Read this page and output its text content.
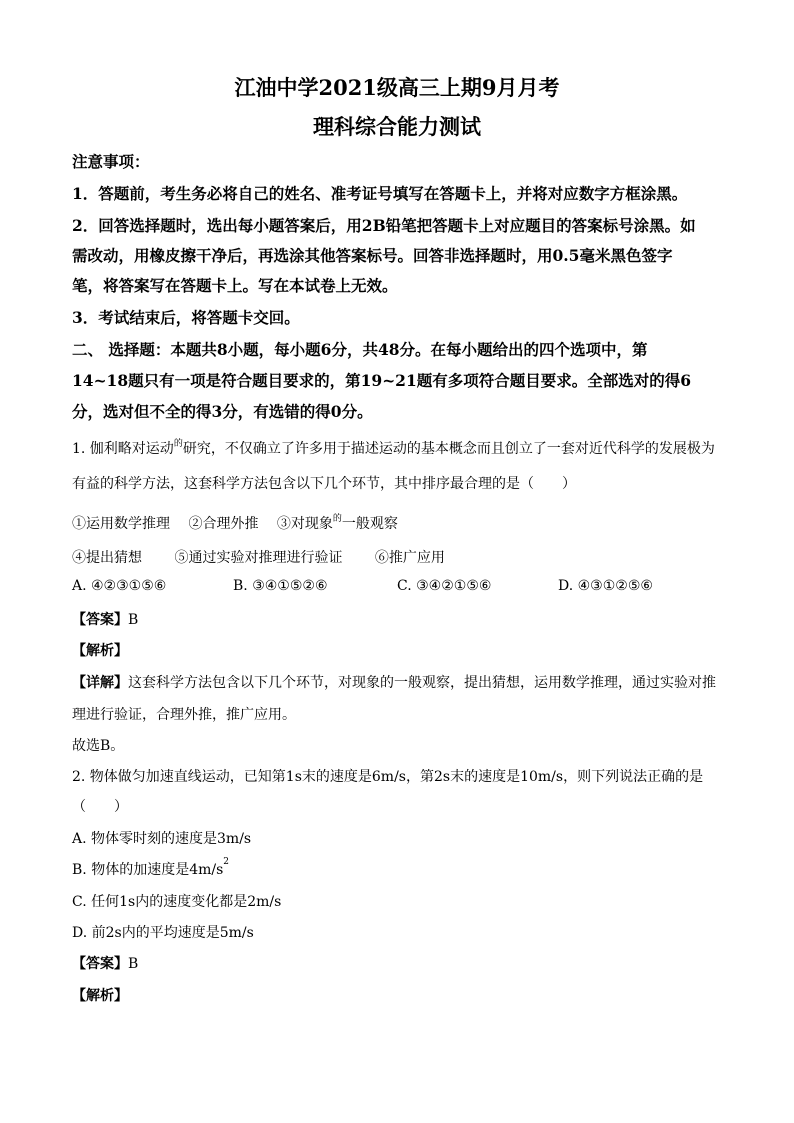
江油中学2021级高三上期9月月考
理科综合能力测试
注意事项：
1．答题前，考生务必将自己的姓名、准考证号填写在答题卡上，并将对应数字方框涂黑。
2．回答选择题时，选出每小题答案后，用2B铅笔把答题卡上对应题目的答案标号涂黑。如
需改动，用橡皮擦干净后，再选涂其他答案标号。回答非选择题时，用0.5毫米黑色签字
笔，将答案写在答题卡上。写在本试卷上无效。
3．考试结束后，将答题卡交回。
二、 选择题：本题共8小题，每小题6分，共48分。在每小题给出的四个选项中，第
14~18题只有一项是符合题目要求的，第19~21题有多项符合题目要求。全部选对的得6
分，选对但不全的得3分，有选错的得0分。
1. 伽利略对运动$^的$研究，不仅确立了许多用于描述运动的基本概念而且创立了一套对近代科学的发展极为
有益的科学方法，这套科学方法包含以下几个环节，其中排序最合理的是（　　）
①运用数学推理　 ②合理外推　 ③对现象$^的$一般观察
④提出猜想　　 ⑤通过实验对推理进行验证　　 ⑥推广应用
A. ④②③①⑤⑥	B. ③④①⑤②⑥	C. ③④②①⑤⑥	D. ④③①②⑤⑥
【答案】B
【解析】
【详解】这套科学方法包含以下几个环节，对现象的一般观察，提出猜想，运用数学推理，通过实验对推
理进行验证，合理外推，推广应用。
故选B。
2. 物体做匀加速直线运动，已知第1s末的速度是6m/s，第2s末的速度是10m/s，则下列说法正确的是
（　　）
A. 物体零时刻的速度是3m/s
B. 物体的加速度是$4m/s^2$
C. 任何1s内的速度变化都是2m/s
D. 前2s内的平均速度是5m/s
【答案】B
【解析】
